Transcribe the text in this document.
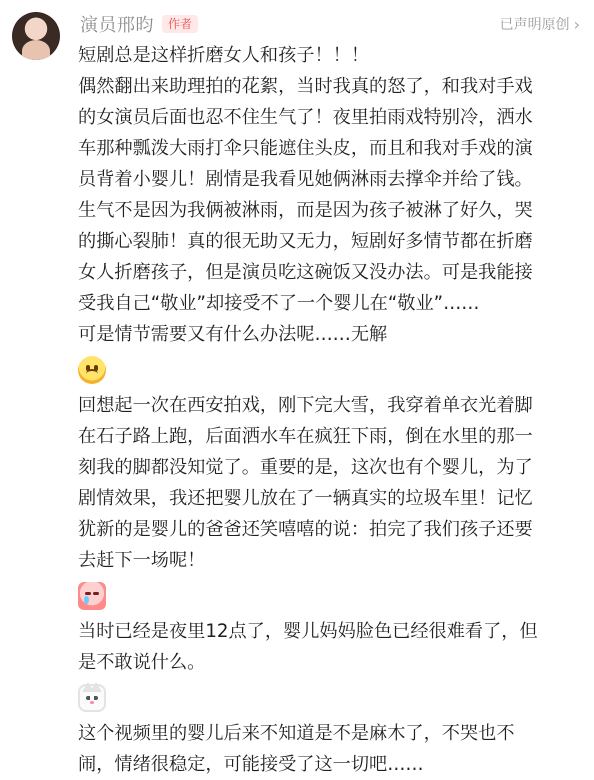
演员邢昀	作者	已声明原创 ›
短剧总是这样折磨女人和孩子！！！
偶然翻出来助理拍的花絮，当时我真的怒了，和我对手戏
的女演员后面也忍不住生气了！夜里拍雨戏特别冷，洒水
车那种瓢泼大雨打伞只能遮住头皮，而且和我对手戏的演
员背着小婴儿！剧情是我看见她俩淋雨去撑伞并给了钱。
生气不是因为我俩被淋雨，而是因为孩子被淋了好久，哭
的撕心裂肺！真的很无助又无力，短剧好多情节都在折磨
女人折磨孩子，但是演员吃这碗饭又没办法。可是我能接
受我自己“敬业”却接受不了一个婴儿在“敬业”……
可是情节需要又有什么办法呢……无解
回想起一次在西安拍戏，刚下完大雪，我穿着单衣光着脚
在石子路上跑，后面洒水车在疯狂下雨，倒在水里的那一
刻我的脚都没知觉了。重要的是，这次也有个婴儿，为了
剧情效果，我还把婴儿放在了一辆真实的垃圾车里！记忆
犹新的是婴儿的爸爸还笑嘻嘻的说：拍完了我们孩子还要
去赶下一场呢！
当时已经是夜里12点了，婴儿妈妈脸色已经很难看了，但
是不敢说什么。
这个视频里的婴儿后来不知道是不是麻木了，不哭也不
闹，情绪很稳定，可能接受了这一切吧……
